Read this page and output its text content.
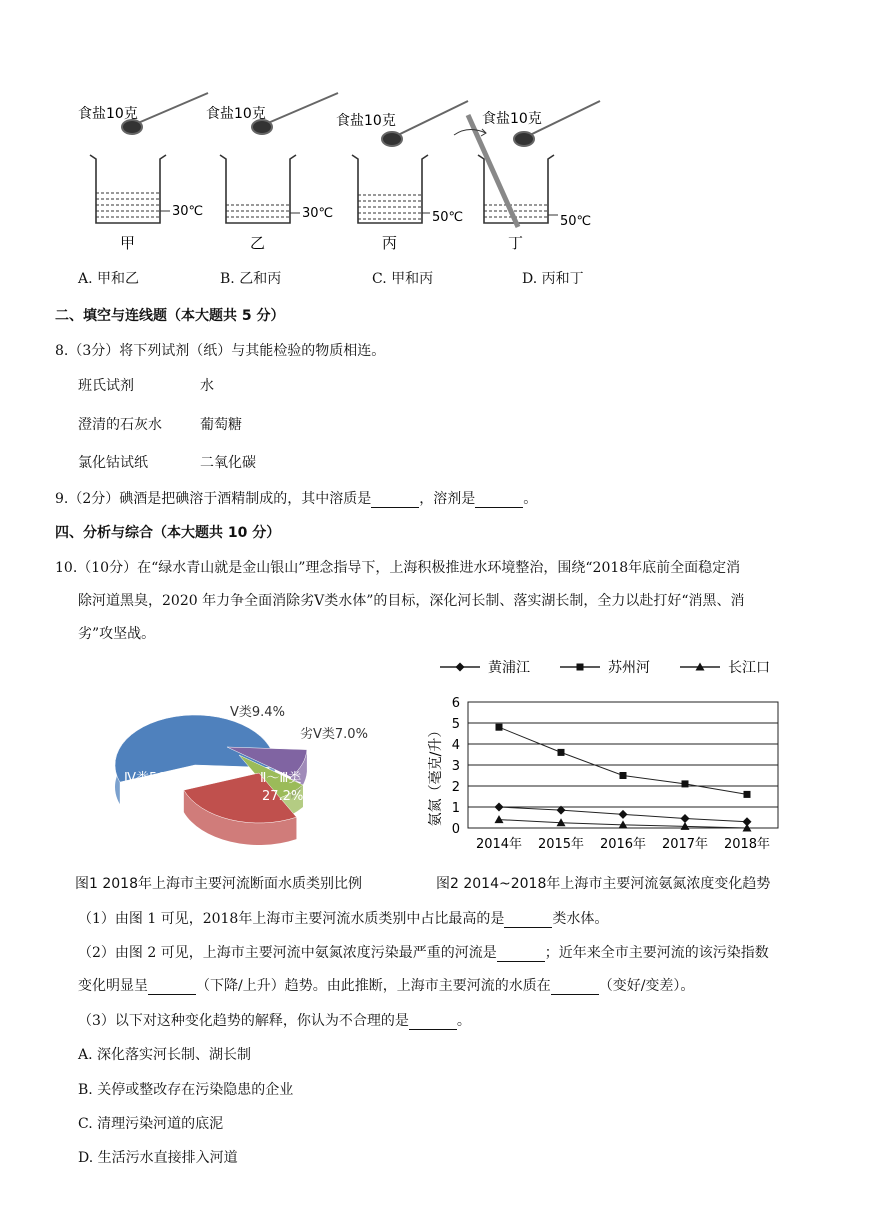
食盐10克	食盐10克	食盐10克	食盐10克
30℃	30℃	50℃	50℃
甲	乙	丙	丁
A. 甲和乙	B. 乙和丙	C. 甲和丙	D. 丙和丁
二、填空与连线题（本大题共 5 分）
8.（3分）将下列试剂（纸）与其能检验的物质相连。
班氏试剂	水
澄清的石灰水	葡萄糖
氯化钴试纸	二氧化碳
9.（2分）碘酒是把碘溶于酒精制成的，其中溶质是	，溶剂是	。
四、分析与综合（本大题共 10 分）
10.（10分）在“绿水青山就是金山银山”理念指导下，上海积极推进水环境整治，围绕“2018年底前全面稳定消
除河道黑臭，2020 年力争全面消除劣Ⅴ类水体”的目标，深化河长制、落实湖长制，全力以赴打好“消黑、消
劣”攻坚战。
Ⅳ类56.4%
Ⅴ类9.4%
劣Ⅴ类7.0%
Ⅱ～Ⅲ类 27.2%
黄浦江	苏州河	长江口
氨氮（毫克/升）
0
1
2
3
4
5
6
2014年 2015年 2016年 2017年 2018年
图1 2018年上海市主要河流断面水质类别比例	图2 2014~2018年上海市主要河流氨氮浓度变化趋势
（1）由图 1 可见，2018年上海市主要河流水质类别中占比最高的是	类水体。
（2）由图 2 可见，上海市主要河流中氨氮浓度污染最严重的河流是	；近年来全市主要河流的该污染指数
变化明显呈	（下降/上升）趋势。由此推断，上海市主要河流的水质在	（变好/变差）。
（3）以下对这种变化趋势的解释，你认为不合理的是	。
A. 深化落实河长制、湖长制
B. 关停或整改存在污染隐患的企业
C. 清理污染河道的底泥
D. 生活污水直接排入河道
